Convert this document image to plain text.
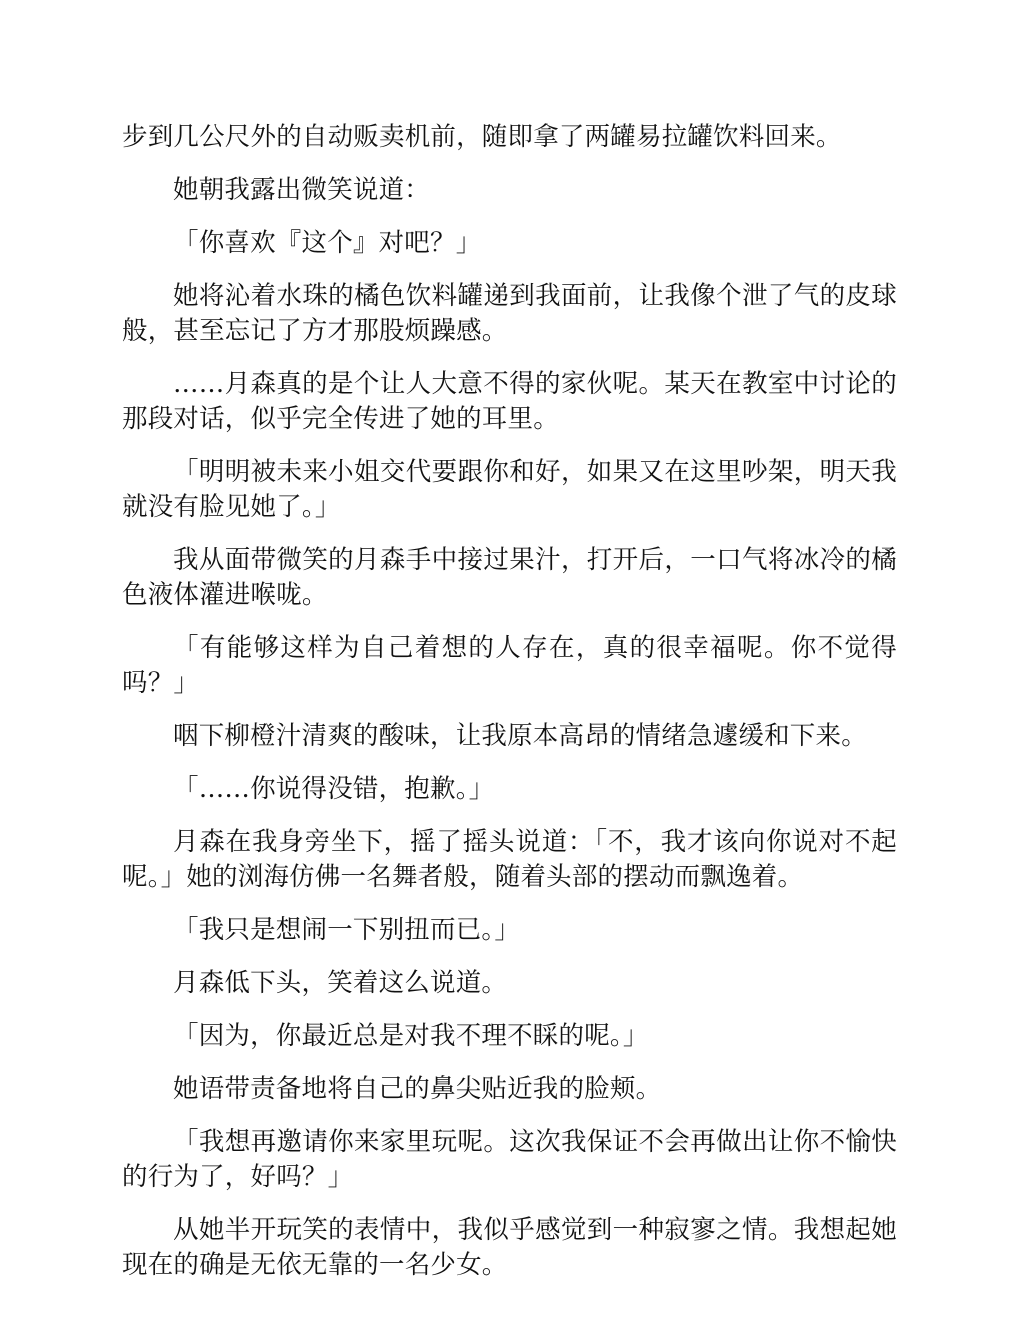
步到几公尺外的自动贩卖机前，随即拿了两罐易拉罐饮料回来。

她朝我露出微笑说道：

「你喜欢『这个』对吧？」

她将沁着水珠的橘色饮料罐递到我面前，让我像个泄了气的皮球般，甚至忘记了方才那股烦躁感。

……月森真的是个让人大意不得的家伙呢。某天在教室中讨论的那段对话，似乎完全传进了她的耳里。

「明明被未来小姐交代要跟你和好，如果又在这里吵架，明天我就没有脸见她了。」

我从面带微笑的月森手中接过果汁，打开后，一口气将冰冷的橘色液体灌进喉咙。

「有能够这样为自己着想的人存在，真的很幸福呢。你不觉得吗？」

咽下柳橙汁清爽的酸味，让我原本高昂的情绪急遽缓和下来。

「……你说得没错，抱歉。」

月森在我身旁坐下，摇了摇头说道：「不，我才该向你说对不起呢。」她的浏海仿佛一名舞者般，随着头部的摆动而飘逸着。

「我只是想闹一下别扭而已。」

月森低下头，笑着这么说道。

「因为，你最近总是对我不理不睬的呢。」

她语带责备地将自己的鼻尖贴近我的脸颊。

「我想再邀请你来家里玩呢。这次我保证不会再做出让你不愉快的行为了，好吗？」

从她半开玩笑的表情中，我似乎感觉到一种寂寥之情。我想起她现在的确是无依无靠的一名少女。
